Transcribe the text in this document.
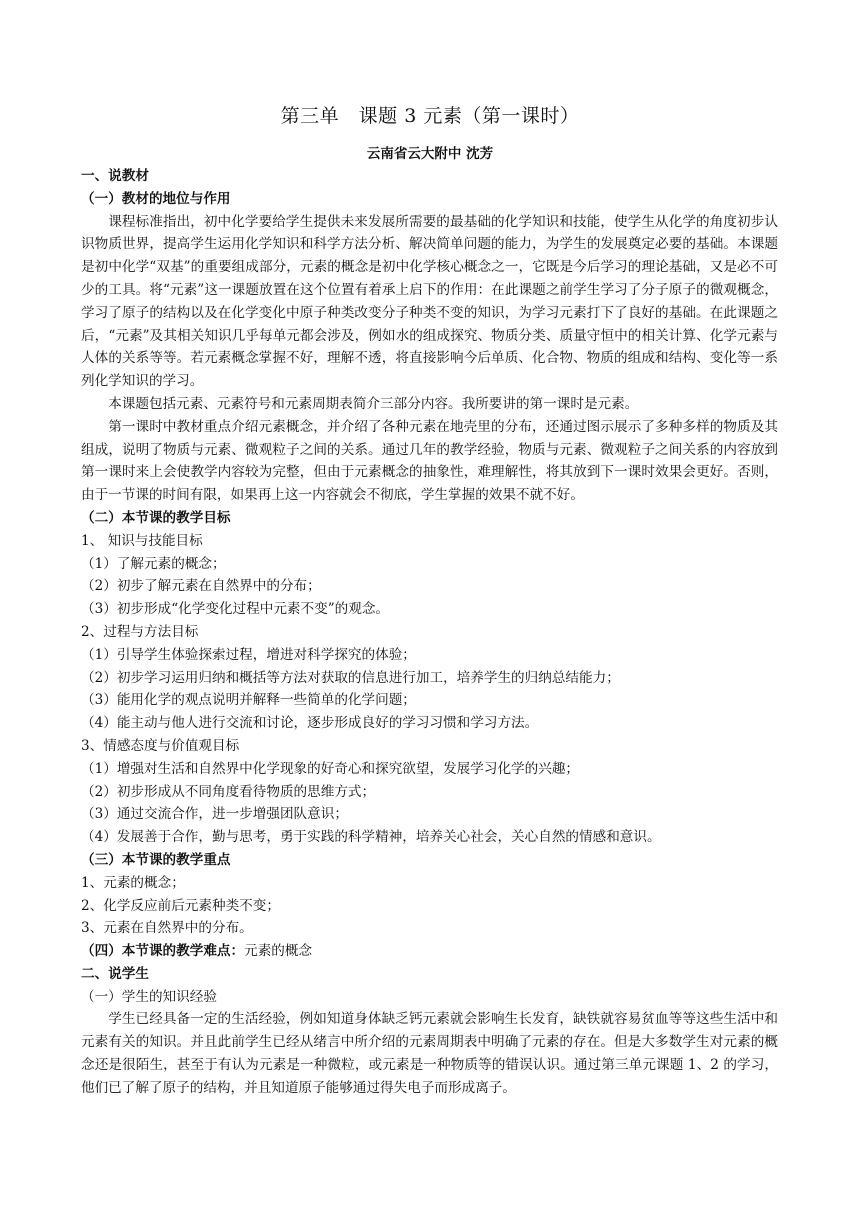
第三单　课题 3 元素（第一课时）
云南省云大附中 沈芳

一、说教材

（一）教材的地位与作用

课程标准指出，初中化学要给学生提供未来发展所需要的最基础的化学知识和技能，使学生从化学的角度初步认识物质世界，提高学生运用化学知识和科学方法分析、解决简单问题的能力，为学生的发展奠定必要的基础。本课题是初中化学“双基”的重要组成部分，元素的概念是初中化学核心概念之一，它既是今后学习的理论基础，又是必不可少的工具。将“元素”这一课题放置在这个位置有着承上启下的作用：在此课题之前学生学习了分子原子的微观概念，学习了原子的结构以及在化学变化中原子种类改变分子种类不变的知识，为学习元素打下了良好的基础。在此课题之后，“元素”及其相关知识几乎每单元都会涉及，例如水的组成探究、物质分类、质量守恒中的相关计算、化学元素与人体的关系等等。若元素概念掌握不好，理解不透，将直接影响今后单质、化合物、物质的组成和结构、变化等一系列化学知识的学习。

本课题包括元素、元素符号和元素周期表简介三部分内容。我所要讲的第一课时是元素。

第一课时中教材重点介绍元素概念，并介绍了各种元素在地壳里的分布，还通过图示展示了多种多样的物质及其组成，说明了物质与元素、微观粒子之间的关系。通过几年的教学经验，物质与元素、微观粒子之间关系的内容放到第一课时来上会使教学内容较为完整，但由于元素概念的抽象性，难理解性，将其放到下一课时效果会更好。否则，由于一节课的时间有限，如果再上这一内容就会不彻底，学生掌握的效果不就不好。

（二）本节课的教学目标

1、 知识与技能目标

（1）了解元素的概念；

（2）初步了解元素在自然界中的分布；

（3）初步形成“化学变化过程中元素不变”的观念。

2、过程与方法目标

（1）引导学生体验探索过程，增进对科学探究的体验；

（2）初步学习运用归纳和概括等方法对获取的信息进行加工，培养学生的归纳总结能力；

（3）能用化学的观点说明并解释一些简单的化学问题；

（4）能主动与他人进行交流和讨论，逐步形成良好的学习习惯和学习方法。

3、情感态度与价值观目标

（1）增强对生活和自然界中化学现象的好奇心和探究欲望，发展学习化学的兴趣；

（2）初步形成从不同角度看待物质的思维方式；

（3）通过交流合作，进一步增强团队意识；

（4）发展善于合作，勤与思考，勇于实践的科学精神，培养关心社会，关心自然的情感和意识。

（三）本节课的教学重点

1、元素的概念；

2、化学反应前后元素种类不变；

3、元素在自然界中的分布。

（四）本节课的教学难点：元素的概念

二、说学生

（一）学生的知识经验

学生已经具备一定的生活经验，例如知道身体缺乏钙元素就会影响生长发育，缺铁就容易贫血等等这些生活中和元素有关的知识。并且此前学生已经从绪言中所介绍的元素周期表中明确了元素的存在。但是大多数学生对元素的概念还是很陌生，甚至于有认为元素是一种微粒，或元素是一种物质等的错误认识。通过第三单元课题 1、2 的学习，他们已了解了原子的结构，并且知道原子能够通过得失电子而形成离子。
